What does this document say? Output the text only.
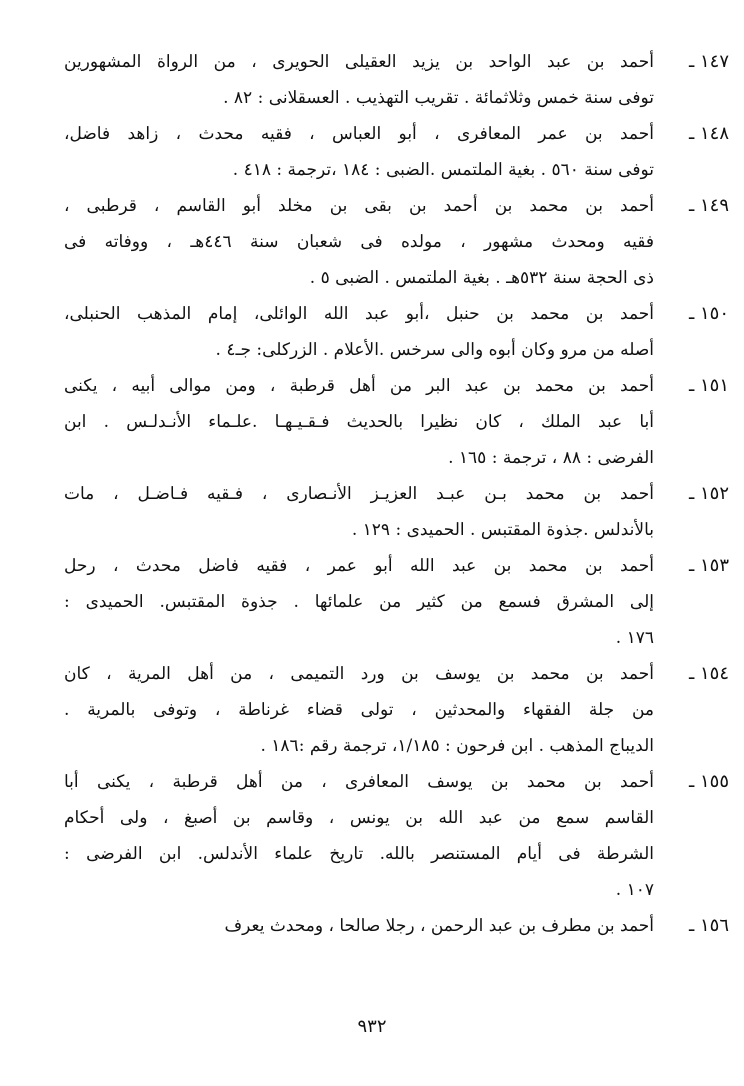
١٤٧ ـ
أحمد بن عبد الواحد بن يزيد العقيلى الحويرى ، من الرواة المشهورين
توفى سنة خمس وثلاثمائة . تقريب التهذيب . العسقلانى : ٨٢ .
١٤٨ ـ
أحمد بن عمر المعافرى ، أبو العباس ، فقيه محدث ، زاهد فاضل،
توفى سنة ٥٦٠ . بغية الملتمس .الضبى : ١٨٤ ،ترجمة : ٤١٨ .
١٤٩ ـ
أحمد بن محمد بن أحمد بن بقى بن مخلد أبو القاسم ، قرطبى ،
فقيه ومحدث مشهور ، مولده فى شعبان سنة ٤٤٦هـ ، ووفاته فى
ذى الحجة سنة ٥٣٢هـ . بغية الملتمس . الضبى ٥ .
١٥٠ ـ
أحمد بن محمد بن حنبل ،أبو عبد الله الوائلى، إمام المذهب الحنبلى،
أصله من مرو وكان أبوه والى سرخس .الأعلام . الزركلى: جـ٤ .
١٥١ ـ
أحمد بن محمد بن عبد البر من أهل قرطبة ، ومن موالى أبيه ، يكنى
أبا عبد الملك ، كان نظيرا بالحديث فـقـيـهـا .علـماء الأنـدلـس . ابن
الفرضى : ٨٨ ، ترجمة : ١٦٥ .
١٥٢ ـ
أحمد بن محمد بـن عبـد العزيـز الأنـصارى ، فـقيه فـاضـل ، مات
بالأندلس .جذوة المقتبس . الحميدى : ١٢٩ .
١٥٣ ـ
أحمد بن محمد بن عبد الله أبو عمر ، فقيه فاضل محدث ، رحل
إلى المشرق فسمع من كثير من علمائها . جذوة المقتبس. الحميدى :
١٧٦ .
١٥٤ ـ
أحمد بن محمد بن يوسف بن ورد التميمى ، من أهل المرية ، كان
من جلة الفقهاء والمحدثين ، تولى قضاء غرناطة ، وتوفى بالمرية .
الديباج المذهب . ابن فرحون : ١/١٨٥، ترجمة رقم :١٨٦ .
١٥٥ ـ
أحمد بن محمد بن يوسف المعافرى ، من أهل قرطبة ، يكنى أبا
القاسم سمع من عبد الله بن يونس ، وقاسم بن أصبغ ، ولى أحكام
الشرطة فى أيام المستنصر بالله. تاريخ علماء الأندلس. ابن الفرضى :
١٠٧ .
١٥٦ ـ
أحمد بن مطرف بن عبد الرحمن ، رجلا صالحا ، ومحدث يعرف
٩٣٢
